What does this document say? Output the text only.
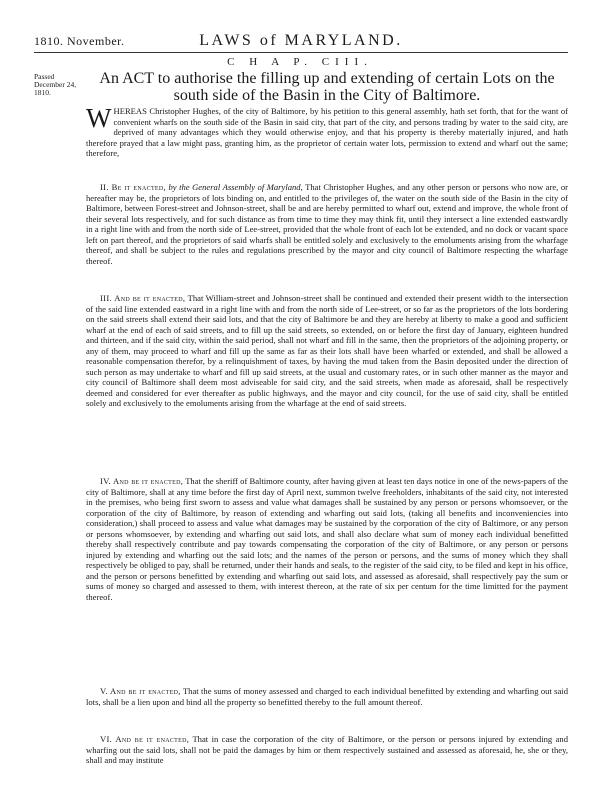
1810. November.	LAWS of MARYLAND.
C H A P. CIII.
Passed December 24, 1810.
An ACT to authorise the filling up and extending of certain Lots on the south side of the Basin in the City of Baltimore.
WHEREAS Christopher Hughes, of the city of Baltimore, by his petition to this general assembly, hath set forth, that for the want of convenient wharfs on the south side of the Basin in said city, that part of the city, and persons trading by water to the said city, are deprived of many advantages which they would otherwise enjoy, and that his property is thereby materially injured, and hath therefore prayed that a law might pass, granting him, as the proprietor of certain water lots, permission to extend and wharf out the same; therefore,

II. Be it enacted, by the General Assembly of Maryland, That Christopher Hughes, and any other person or persons who now are, or hereafter may be, the proprietors of lots binding on, and entitled to the privileges of, the water on the south side of the Basin in the city of Baltimore, between Forest-street and Johnson-street, shall be and are hereby permitted to wharf out, extend and improve, the whole front of their several lots respectively, and for such distance as from time to time they may think fit, until they intersect a line extended eastwardly in a right line with and from the north side of Lee-street, provided that the whole front of each lot be extended, and no dock or vacant space left on part thereof, and the proprietors of said wharfs shall be entitled solely and exclusively to the emoluments arising from the wharfage thereof, and shall be subject to the rules and regulations prescribed by the mayor and city council of Baltimore respecting the wharfage thereof.

III. And be it enacted, That William-street and Johnson-street shall be continued and extended their present width to the intersection of the said line extended eastward in a right line with and from the north side of Lee-street, or so far as the proprietors of the lots bordering on the said streets shall extend their said lots, and that the city of Baltimore be and they are hereby at liberty to make a good and sufficient wharf at the end of each of said streets, and to fill up the said streets, so extended, on or before the first day of January, eighteen hundred and thirteen, and if the said city, within the said period, shall not wharf and fill in the same, then the proprietors of the adjoining property, or any of them, may proceed to wharf and fill up the same as far as their lots shall have been wharfed or extended, and shall be allowed a reasonable compensation therefor, by a relinquishment of taxes, by having the mud taken from the Basin deposited under the direction of such person as may undertake to wharf and fill up said streets, at the usual and customary rates, or in such other manner as the mayor and city council of Baltimore shall deem most adviseable for said city, and the said streets, when made as aforesaid, shall be respectively deemed and considered for ever thereafter as public highways, and the mayor and city council, for the use of said city, shall be entitled solely and exclusively to the emoluments arising from the wharfage at the end of said streets.

IV. And be it enacted, That the sheriff of Baltimore county, after having given at least ten days notice in one of the news-papers of the city of Baltimore, shall at any time before the first day of April next, summon twelve freeholders, inhabitants of the said city, not interested in the premises, who being first sworn to assess and value what damages shall be sustained by any person or persons whomsoever, or the corporation of the city of Baltimore, by reason of extending and wharfing out said lots, (taking all benefits and inconveniencies into consideration,) shall proceed to assess and value what damages may be sustained by the corporation of the city of Baltimore, or any person or persons whomsoever, by extending and wharfing out said lots, and shall also declare what sum of money each individual benefitted thereby shall respectively contribute and pay towards compensating the corporation of the city of Baltimore, or any person or persons injured by extending and wharfing out the said lots; and the names of the person or persons, and the sums of money which they shall respectively be obliged to pay, shall be returned, under their hands and seals, to the register of the said city, to be filed and kept in his office, and the person or persons benefitted by extending and wharfing out said lots, and assessed as aforesaid, shall respectively pay the sum or sums of money so charged and assessed to them, with interest thereon, at the rate of six per centum for the time limitted for the payment thereof.

V. And be it enacted, That the sums of money assessed and charged to each individual benefitted by extending and wharfing out said lots, shall be a lien upon and bind all the property so benefitted thereby to the full amount thereof.

VI. And be it enacted, That in case the corporation of the city of Baltimore, or the person or persons injured by extending and wharfing out the said lots, shall not be paid the damages by him or them respectively sustained and assessed as aforesaid, he, she or they, shall and may institute
